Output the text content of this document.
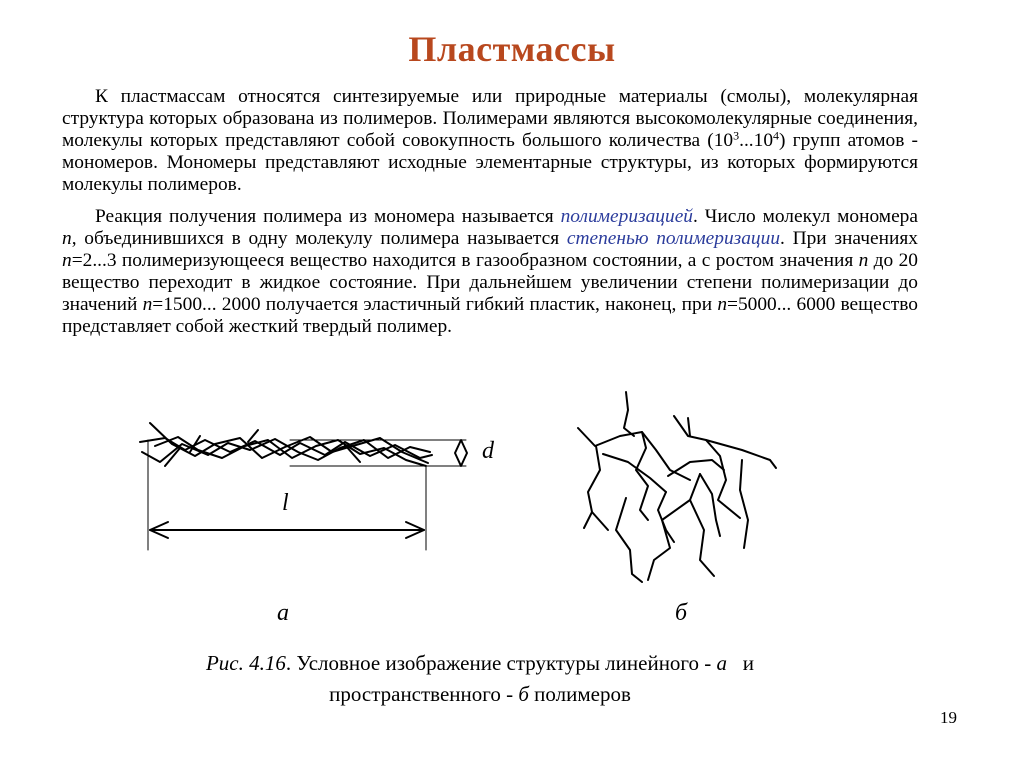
Пластмассы

К пластмассам относятся синтезируемые или природные материалы (смолы), молекулярная структура которых образована из полимеров. Полимерами являются высокомолекулярные соединения, молекулы которых представляют собой совокупность большого количества $(10^3...10^4)$ групп атомов - мономеров. Мономеры представляют исходные элементарные структуры, из которых формируются молекулы полимеров.

Реакция получения полимера из мономера называется полимеризацией. Число молекул мономера n, объединившихся в одну молекулу полимера называется степенью полимеризации. При значениях n=2...3 полимеризующееся вещество находится в газообразном состоянии, а с ростом значения n до 20 вещество переходит в жидкое состояние. При дальнейшем увеличении степени полимеризации до значений n=1500... 2000 получается эластичный гибкий пластик, наконец, при n=5000... 6000 вещество представляет собой жесткий твердый полимер.

d
l
а	б
Рис. 4.16. Условное изображение структуры линейного - а   и
пространственного - б полимеров
19
